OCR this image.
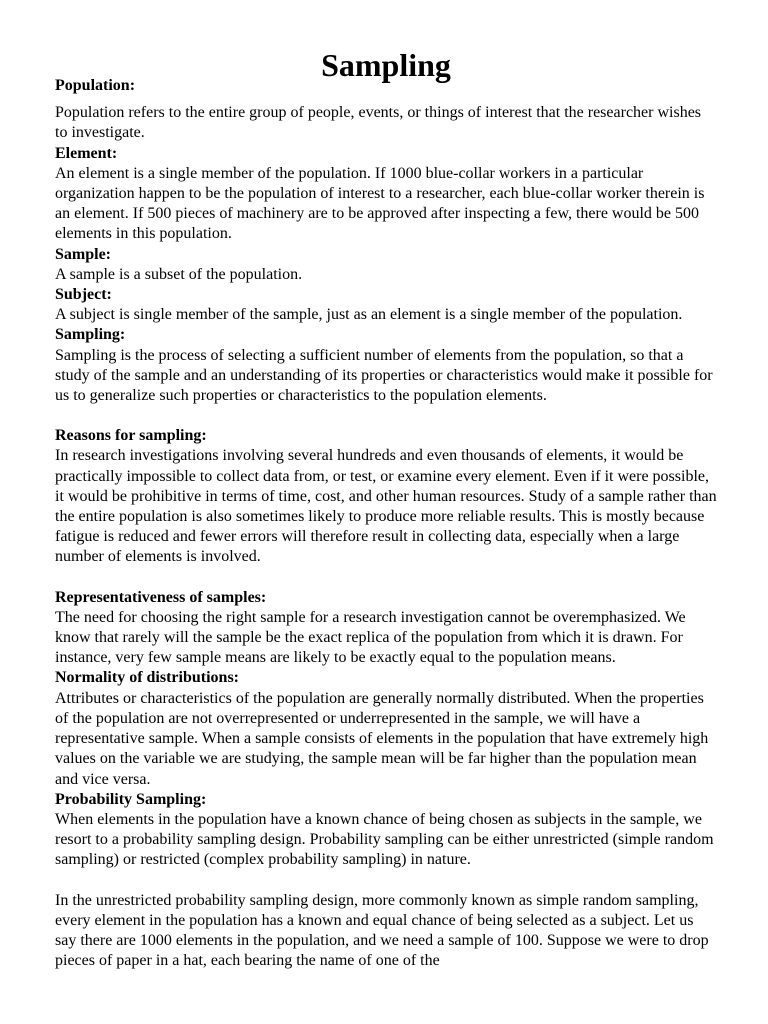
Sampling
Population:

Population refers to the entire group of people, events, or things of interest that the researcher wishes to investigate.

Element:

An element is a single member of the population. If 1000 blue-collar workers in a particular organization happen to be the population of interest to a researcher, each blue-collar worker therein is an element. If 500 pieces of machinery are to be approved after inspecting a few, there would be 500 elements in this population.

Sample:

A sample is a subset of the population.

Subject:

A subject is single member of the sample, just as an element is a single member of the population.

Sampling:

Sampling is the process of selecting a sufficient number of elements from the population, so that a study of the sample and an understanding of its properties or characteristics would make it possible for us to generalize such properties or characteristics to the population elements.

Reasons for sampling:

In research investigations involving several hundreds and even thousands of elements, it would be practically impossible to collect data from, or test, or examine every element. Even if it were possible, it would be prohibitive in terms of time, cost, and other human resources. Study of a sample rather than the entire population is also sometimes likely to produce more reliable results. This is mostly because fatigue is reduced and fewer errors will therefore result in collecting data, especially when a large number of elements is involved.

Representativeness of samples:

The need for choosing the right sample for a research investigation cannot be overemphasized. We know that rarely will the sample be the exact replica of the population from which it is drawn. For instance, very few sample means are likely to be exactly equal to the population means.

Normality of distributions:

Attributes or characteristics of the population are generally normally distributed. When the properties of the population are not overrepresented or underrepresented in the sample, we will have a representative sample. When a sample consists of elements in the population that have extremely high values on the variable we are studying, the sample mean will be far higher than the population mean and vice versa.

Probability Sampling:

When elements in the population have a known chance of being chosen as subjects in the sample, we resort to a probability sampling design. Probability sampling can be either unrestricted (simple random sampling) or restricted (complex probability sampling) in nature.

In the unrestricted probability sampling design, more commonly known as simple random sampling, every element in the population has a known and equal chance of being selected as a subject. Let us say there are 1000 elements in the population, and we need a sample of 100. Suppose we were to drop pieces of paper in a hat, each bearing the name of one of the
